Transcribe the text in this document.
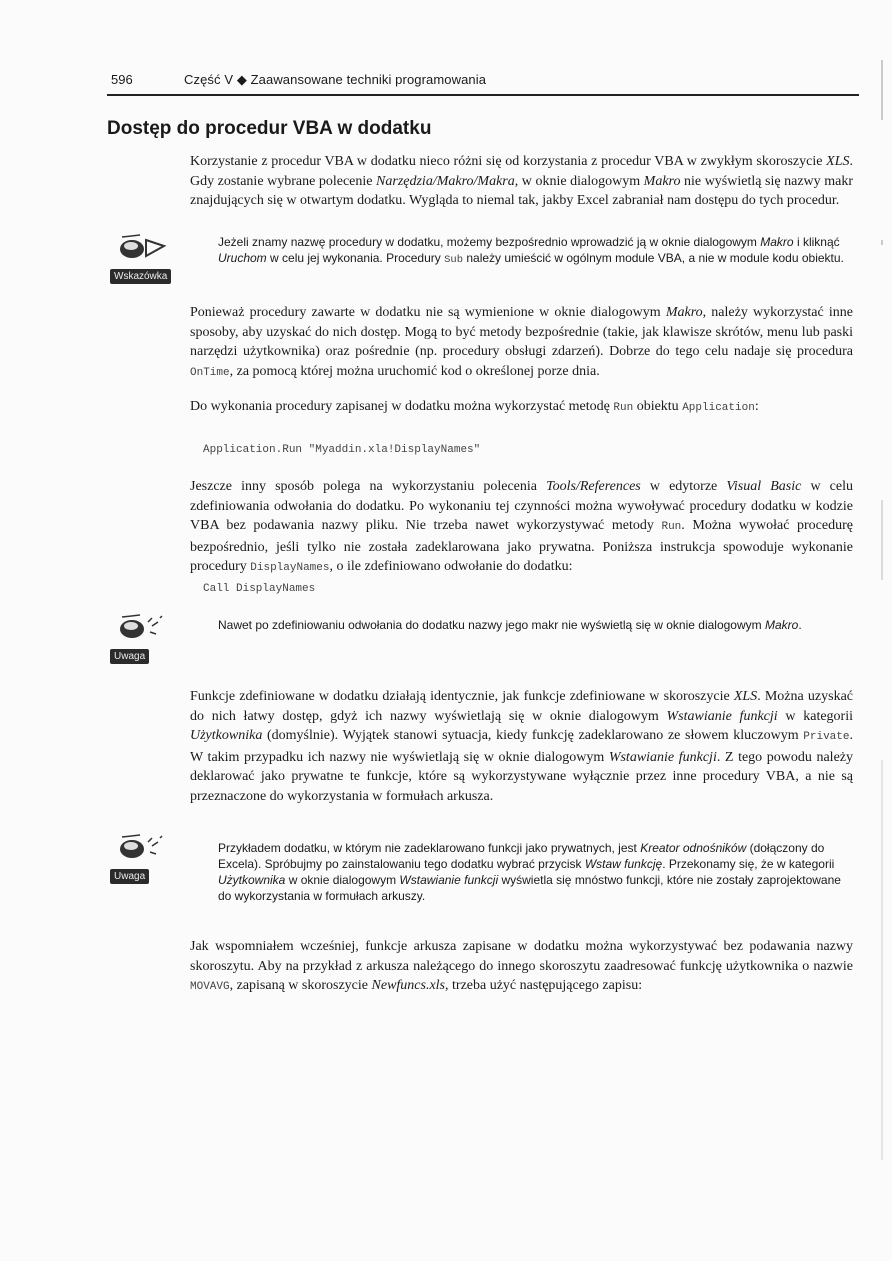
596	Część V ◆ Zaawansowane techniki programowania
Dostęp do procedur VBA w dodatku

Korzystanie z procedur VBA w dodatku nieco różni się od korzystania z procedur VBA w zwykłym skoroszycie XLS. Gdy zostanie wybrane polecenie Narzędzia/Makro/Makra, w oknie dialogowym Makro nie wyświetlą się nazwy makr znajdujących się w otwartym dodatku. Wygląda to niemal tak, jakby Excel zabraniał nam dostępu do tych procedur.

Wskazówka

Jeżeli znamy nazwę procedury w dodatku, możemy bezpośrednio wprowadzić ją w oknie dialogowym Makro i kliknąć Uruchom w celu jej wykonania. Procedury Sub należy umieścić w ogólnym module VBA, a nie w module kodu obiektu.

Ponieważ procedury zawarte w dodatku nie są wymienione w oknie dialogowym Makro, należy wykorzystać inne sposoby, aby uzyskać do nich dostęp. Mogą to być metody bezpośrednie (takie, jak klawisze skrótów, menu lub paski narzędzi użytkownika) oraz pośrednie (np. procedury obsługi zdarzeń). Dobrze do tego celu nadaje się procedura OnTime, za pomocą której można uruchomić kod o określonej porze dnia.

Do wykonania procedury zapisanej w dodatku można wykorzystać metodę Run obiektu Application:

Application.Run "Myaddin.xla!DisplayNames"

Jeszcze inny sposób polega na wykorzystaniu polecenia Tools/References w edytorze Visual Basic w celu zdefiniowania odwołania do dodatku. Po wykonaniu tej czynności można wywoływać procedury dodatku w kodzie VBA bez podawania nazwy pliku. Nie trzeba nawet wykorzystywać metody Run. Można wywołać procedurę bezpośrednio, jeśli tylko nie została zadeklarowana jako prywatna. Poniższa instrukcja spowoduje wykonanie procedury DisplayNames, o ile zdefiniowano odwołanie do dodatku:

Call DisplayNames
Uwaga

Nawet po zdefiniowaniu odwołania do dodatku nazwy jego makr nie wyświetlą się w oknie dialogowym Makro.

Funkcje zdefiniowane w dodatku działają identycznie, jak funkcje zdefiniowane w skoroszycie XLS. Można uzyskać do nich łatwy dostęp, gdyż ich nazwy wyświetlają się w oknie dialogowym Wstawianie funkcji w kategorii Użytkownika (domyślnie). Wyjątek stanowi sytuacja, kiedy funkcję zadeklarowano ze słowem kluczowym Private. W takim przypadku ich nazwy nie wyświetlają się w oknie dialogowym Wstawianie funkcji. Z tego powodu należy deklarować jako prywatne te funkcje, które są wykorzystywane wyłącznie przez inne procedury VBA, a nie są przeznaczone do wykorzystania w formułach arkusza.

Uwaga

Przykładem dodatku, w którym nie zadeklarowano funkcji jako prywatnych, jest Kreator odnośników (dołączony do Excela). Spróbujmy po zainstalowaniu tego dodatku wybrać przycisk Wstaw funkcję. Przekonamy się, że w kategorii Użytkownika w oknie dialogowym Wstawianie funkcji wyświetla się mnóstwo funkcji, które nie zostały zaprojektowane do wykorzystania w formułach arkuszy.

Jak wspomniałem wcześniej, funkcje arkusza zapisane w dodatku można wykorzystywać bez podawania nazwy skoroszytu. Aby na przykład z arkusza należącego do innego skoroszytu zaadresować funkcję użytkownika o nazwie MOVAVG, zapisaną w skoroszycie Newfuncs.xls, trzeba użyć następującego zapisu:
